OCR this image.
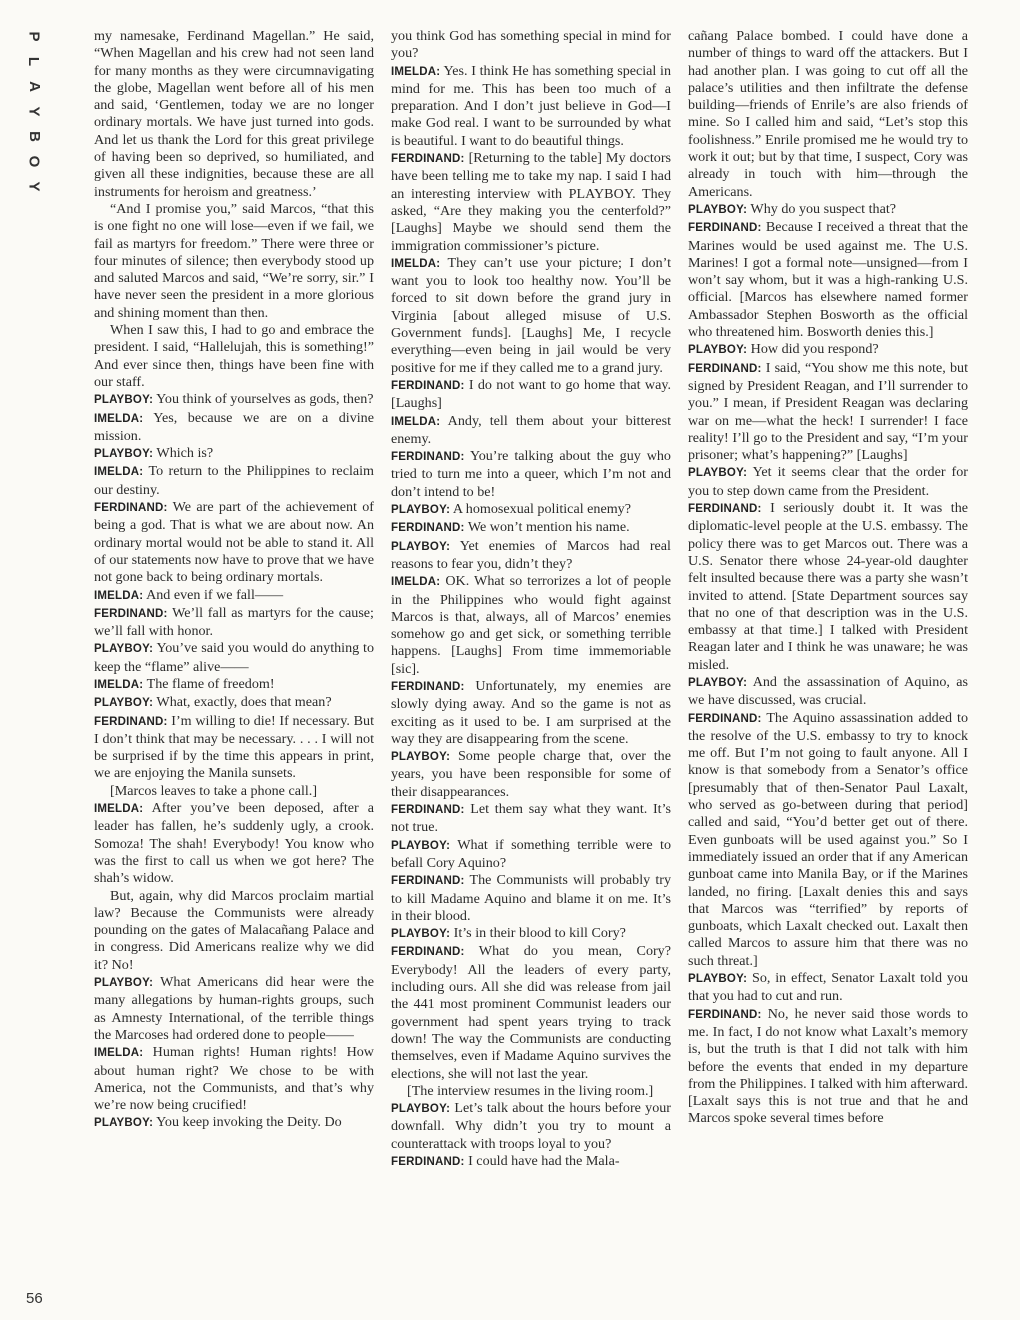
P
L
A
Y
B
O
Y
56

my namesake, Ferdinand Magellan.” He said, “When Magellan and his crew had not seen land for many months as they were circumnavigating the globe, Magellan went before all of his men and said, ‘Gentlemen, today we are no longer ordinary mortals. We have just turned into gods. And let us thank the Lord for this great privilege of having been so deprived, so humiliated, and given all these indignities, because these are all instruments for heroism and greatness.’

“And I promise you,” said Marcos, “that this is one fight no one will lose—even if we fail, we fail as martyrs for freedom.” There were three or four minutes of silence; then everybody stood up and saluted Marcos and said, “We’re sorry, sir.” I have never seen the president in a more glorious and shining moment than then.

When I saw this, I had to go and embrace the president. I said, “Hallelujah, this is something!” And ever since then, things have been fine with our staff.

PLAYBOY: You think of yourselves as gods, then?

IMELDA: Yes, because we are on a divine mission.

PLAYBOY: Which is?

IMELDA: To return to the Philippines to reclaim our destiny.

FERDINAND: We are part of the achievement of being a god. That is what we are about now. An ordinary mortal would not be able to stand it. All of our statements now have to prove that we have not gone back to being ordinary mortals.

IMELDA: And even if we fall——

FERDINAND: We’ll fall as martyrs for the cause; we’ll fall with honor.

PLAYBOY: You’ve said you would do anything to keep the “flame” alive——

IMELDA: The flame of freedom!

PLAYBOY: What, exactly, does that mean?

FERDINAND: I’m willing to die! If necessary. But I don’t think that may be necessary. . . . I will not be surprised if by the time this appears in print, we are enjoying the Manila sunsets.

[Marcos leaves to take a phone call.]

IMELDA: After you’ve been deposed, after a leader has fallen, he’s suddenly ugly, a crook. Somoza! The shah! Everybody! You know who was the first to call us when we got here? The shah’s widow.

But, again, why did Marcos proclaim martial law? Because the Communists were already pounding on the gates of Malacañang Palace and in congress. Did Americans realize why we did it? No!

PLAYBOY: What Americans did hear were the many allegations by human-rights groups, such as Amnesty International, of the terrible things the Marcoses had ordered done to people——

IMELDA: Human rights! Human rights! How about human right? We chose to be with America, not the Communists, and that’s why we’re now being crucified!

PLAYBOY: You keep invoking the Deity. Do

you think God has something special in mind for you?

IMELDA: Yes. I think He has something special in mind for me. This has been too much of a preparation. And I don’t just believe in God—I make God real. I want to be surrounded by what is beautiful. I want to do beautiful things.

FERDINAND: [Returning to the table] My doctors have been telling me to take my nap. I said I had an interesting interview with PLAYBOY. They asked, “Are they making you the centerfold?” [Laughs] Maybe we should send them the immigration commissioner’s picture.

IMELDA: They can’t use your picture; I don’t want you to look too healthy now. You’ll be forced to sit down before the grand jury in Virginia [about alleged misuse of U.S. Government funds]. [Laughs] Me, I recycle everything—even being in jail would be very positive for me if they called me to a grand jury.

FERDINAND: I do not want to go home that way. [Laughs]

IMELDA: Andy, tell them about your bitterest enemy.

FERDINAND: You’re talking about the guy who tried to turn me into a queer, which I’m not and don’t intend to be!

PLAYBOY: A homosexual political enemy?

FERDINAND: We won’t mention his name.

PLAYBOY: Yet enemies of Marcos had real reasons to fear you, didn’t they?

IMELDA: OK. What so terrorizes a lot of people in the Philippines who would fight against Marcos is that, always, all of Marcos’ enemies somehow go and get sick, or something terrible happens. [Laughs] From time immemoriable [sic].

FERDINAND: Unfortunately, my enemies are slowly dying away. And so the game is not as exciting as it used to be. I am surprised at the way they are disappearing from the scene.

PLAYBOY: Some people charge that, over the years, you have been responsible for some of their disappearances.

FERDINAND: Let them say what they want. It’s not true.

PLAYBOY: What if something terrible were to befall Cory Aquino?

FERDINAND: The Communists will probably try to kill Madame Aquino and blame it on me. It’s in their blood.

PLAYBOY: It’s in their blood to kill Cory?

FERDINAND: What do you mean, Cory? Everybody! All the leaders of every party, including ours. All she did was release from jail the 441 most prominent Communist leaders our government had spent years trying to track down! The way the Communists are conducting themselves, even if Madame Aquino survives the elections, she will not last the year.

[The interview resumes in the living room.]

PLAYBOY: Let’s talk about the hours before your downfall. Why didn’t you try to mount a counterattack with troops loyal to you?

FERDINAND: I could have had the Mala-

cañang Palace bombed. I could have done a number of things to ward off the attackers. But I had another plan. I was going to cut off all the palace’s utilities and then infiltrate the defense building—friends of Enrile’s are also friends of mine. So I called him and said, “Let’s stop this foolishness.” Enrile promised me he would try to work it out; but by that time, I suspect, Cory was already in touch with him—through the Americans.

PLAYBOY: Why do you suspect that?

FERDINAND: Because I received a threat that the Marines would be used against me. The U.S. Marines! I got a formal note—unsigned—from I won’t say whom, but it was a high-ranking U.S. official. [Marcos has elsewhere named former Ambassador Stephen Bosworth as the official who threatened him. Bosworth denies this.]

PLAYBOY: How did you respond?

FERDINAND: I said, “You show me this note, but signed by President Reagan, and I’ll surrender to you.” I mean, if President Reagan was declaring war on me—what the heck! I surrender! I face reality! I’ll go to the President and say, “I’m your prisoner; what’s happening?” [Laughs]

PLAYBOY: Yet it seems clear that the order for you to step down came from the President.

FERDINAND: I seriously doubt it. It was the diplomatic-level people at the U.S. embassy. The policy there was to get Marcos out. There was a U.S. Senator there whose 24-year-old daughter felt insulted because there was a party she wasn’t invited to attend. [State Department sources say that no one of that description was in the U.S. embassy at that time.] I talked with President Reagan later and I think he was unaware; he was misled.

PLAYBOY: And the assassination of Aquino, as we have discussed, was crucial.

FERDINAND: The Aquino assassination added to the resolve of the U.S. embassy to try to knock me off. But I’m not going to fault anyone. All I know is that somebody from a Senator’s office [presumably that of then-Senator Paul Laxalt, who served as go-between during that period] called and said, “You’d better get out of there. Even gunboats will be used against you.” So I immediately issued an order that if any American gunboat came into Manila Bay, or if the Marines landed, no firing. [Laxalt denies this and says that Marcos was “terrified” by reports of gunboats, which Laxalt checked out. Laxalt then called Marcos to assure him that there was no such threat.]

PLAYBOY: So, in effect, Senator Laxalt told you that you had to cut and run.

FERDINAND: No, he never said those words to me. In fact, I do not know what Laxalt’s memory is, but the truth is that I did not talk with him before the events that ended in my departure from the Philippines. I talked with him afterward. [Laxalt says this is not true and that he and Marcos spoke several times before
